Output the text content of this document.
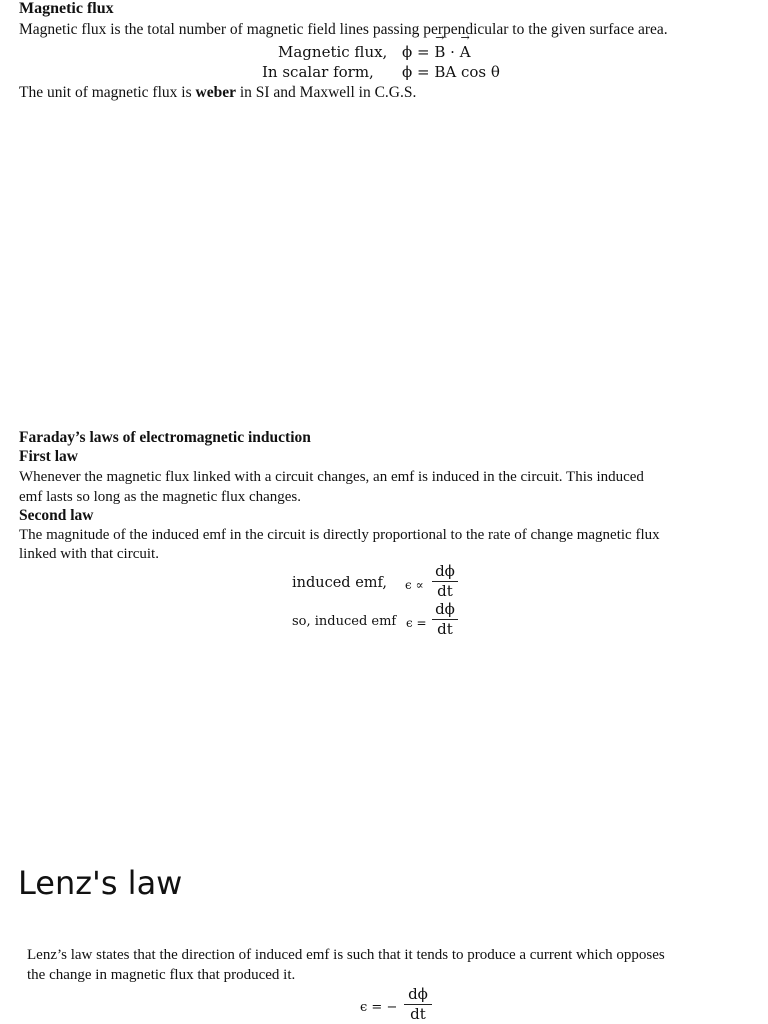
Magnetic flux
Magnetic flux is the total number of magnetic field lines passing perpendicular to the given surface area.
Magnetic flux, ϕ = → B · → A
In scalar form, ϕ = BA cos θ
The unit of magnetic flux is weber in SI and Maxwell in C.G.S.
Faraday’s laws of electromagnetic induction
First law
Whenever the magnetic flux linked with a circuit changes, an emf is induced in the circuit. This induced
emf lasts so long as the magnetic flux changes.
Second law
The magnitude of the induced emf in the circuit is directly proportional to the rate of change magnetic flux
linked with that circuit.
induced emf, ϵ ∝
dϕ
dt
so, induced emf ϵ =
dϕ
dt
Lenz's law
Lenz’s law states that the direction of induced emf is such that it tends to produce a current which opposes
the change in magnetic flux that produced it.
ϵ = −
dϕ
dt
